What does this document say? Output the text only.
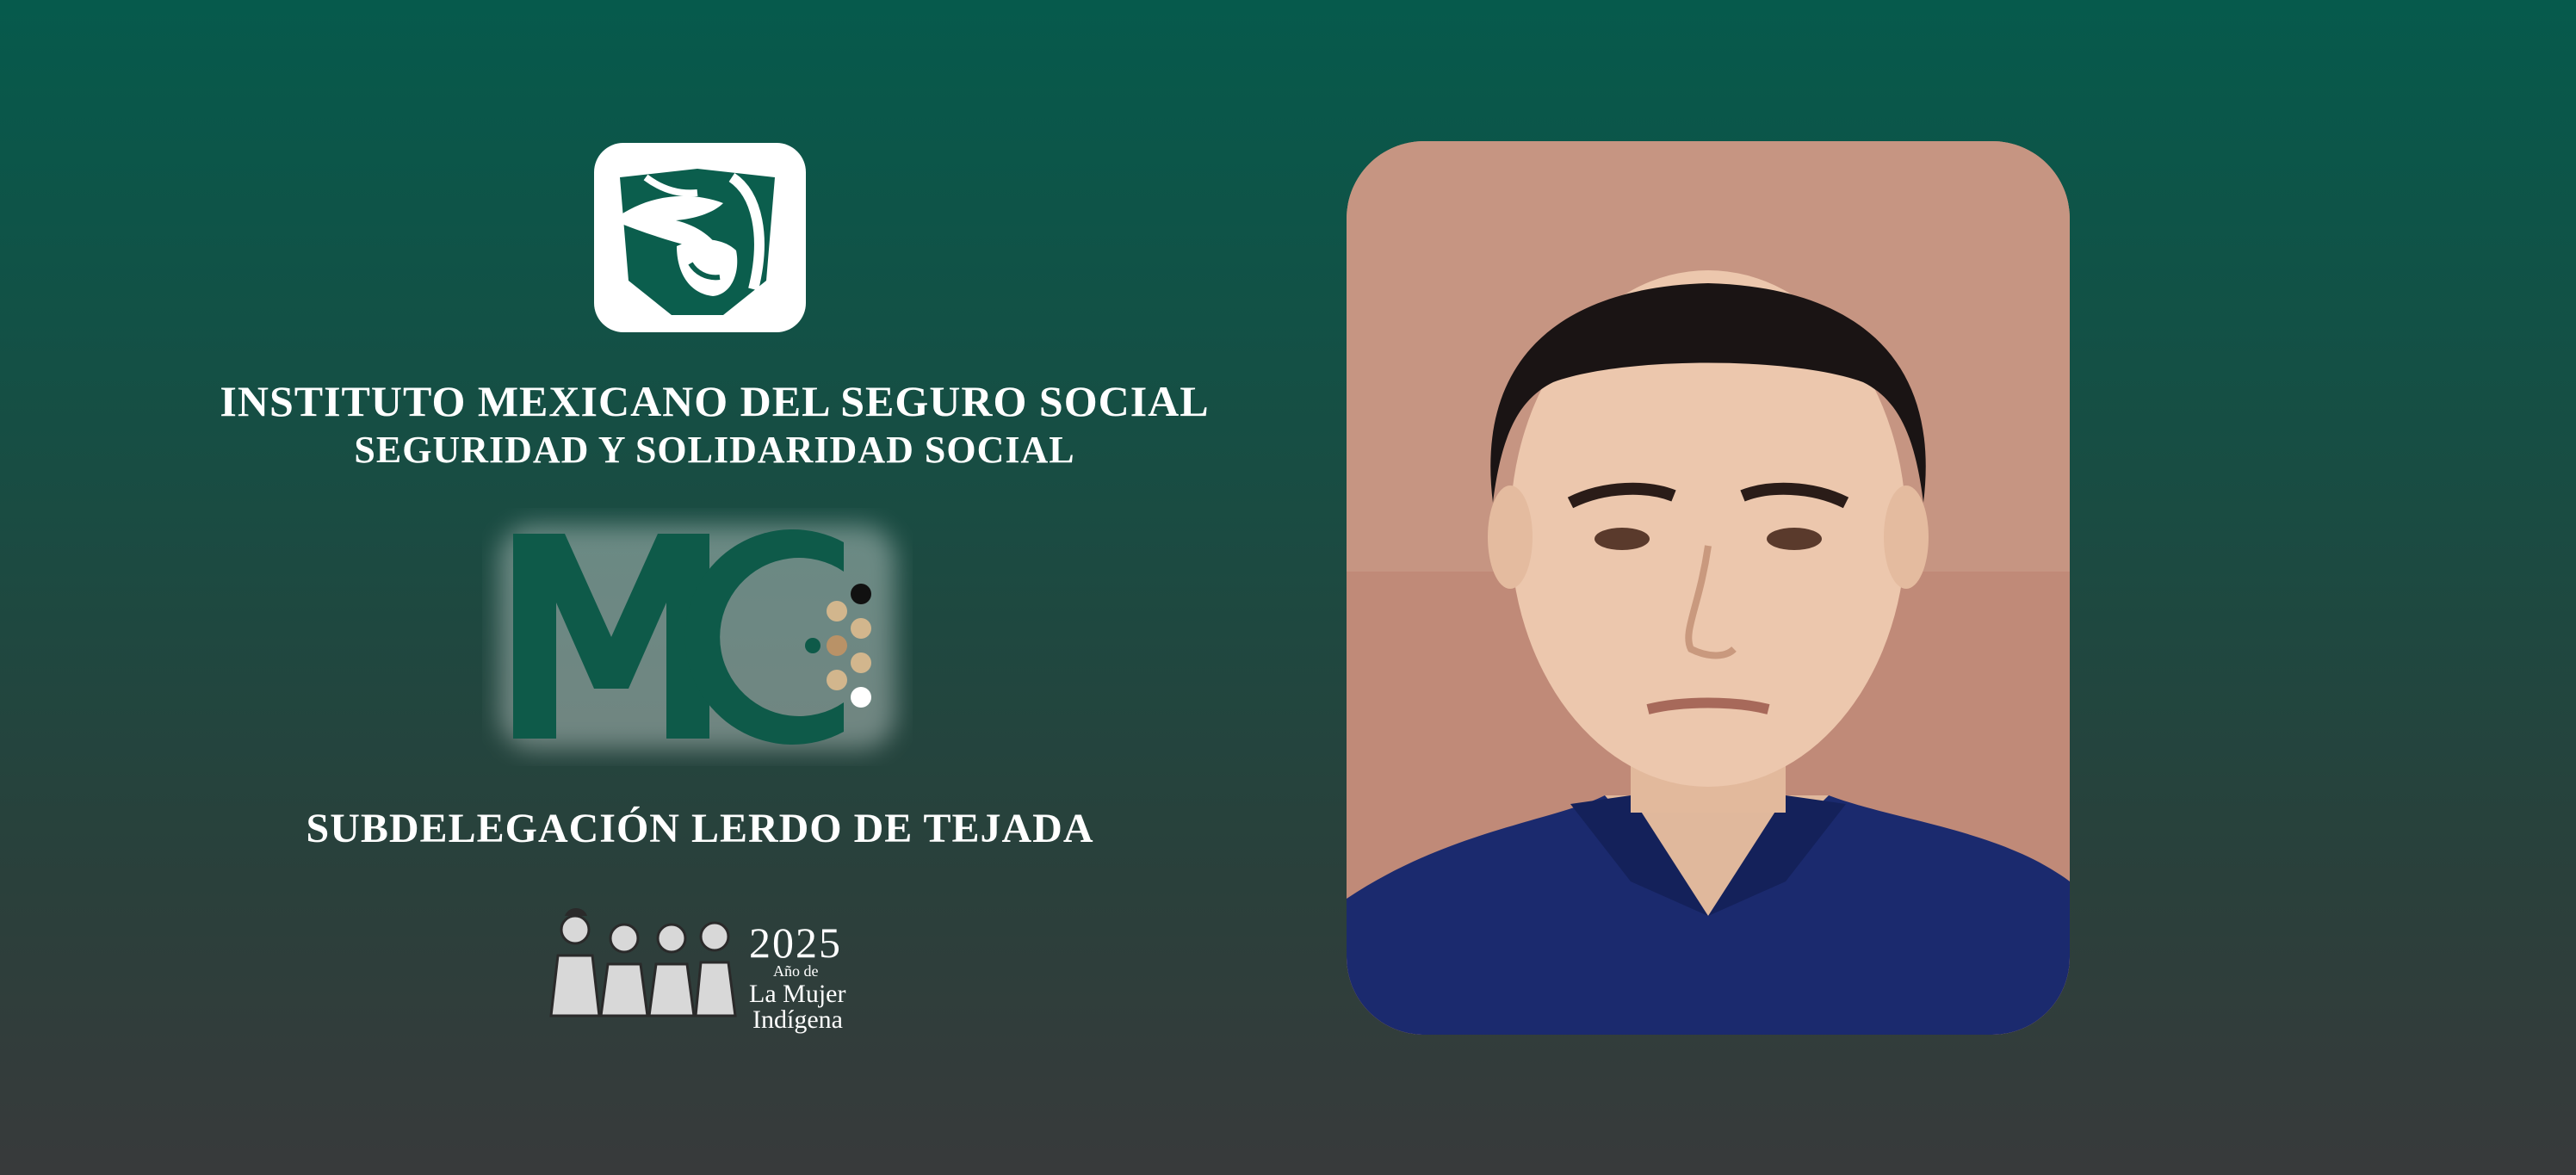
INSTITUTO MEXICANO DEL SEGURO SOCIAL
SEGURIDAD Y SOLIDARIDAD SOCIAL
SUBDELEGACIÓN LERDO DE TEJADA
2025
Año de
La Mujer
Indígena
